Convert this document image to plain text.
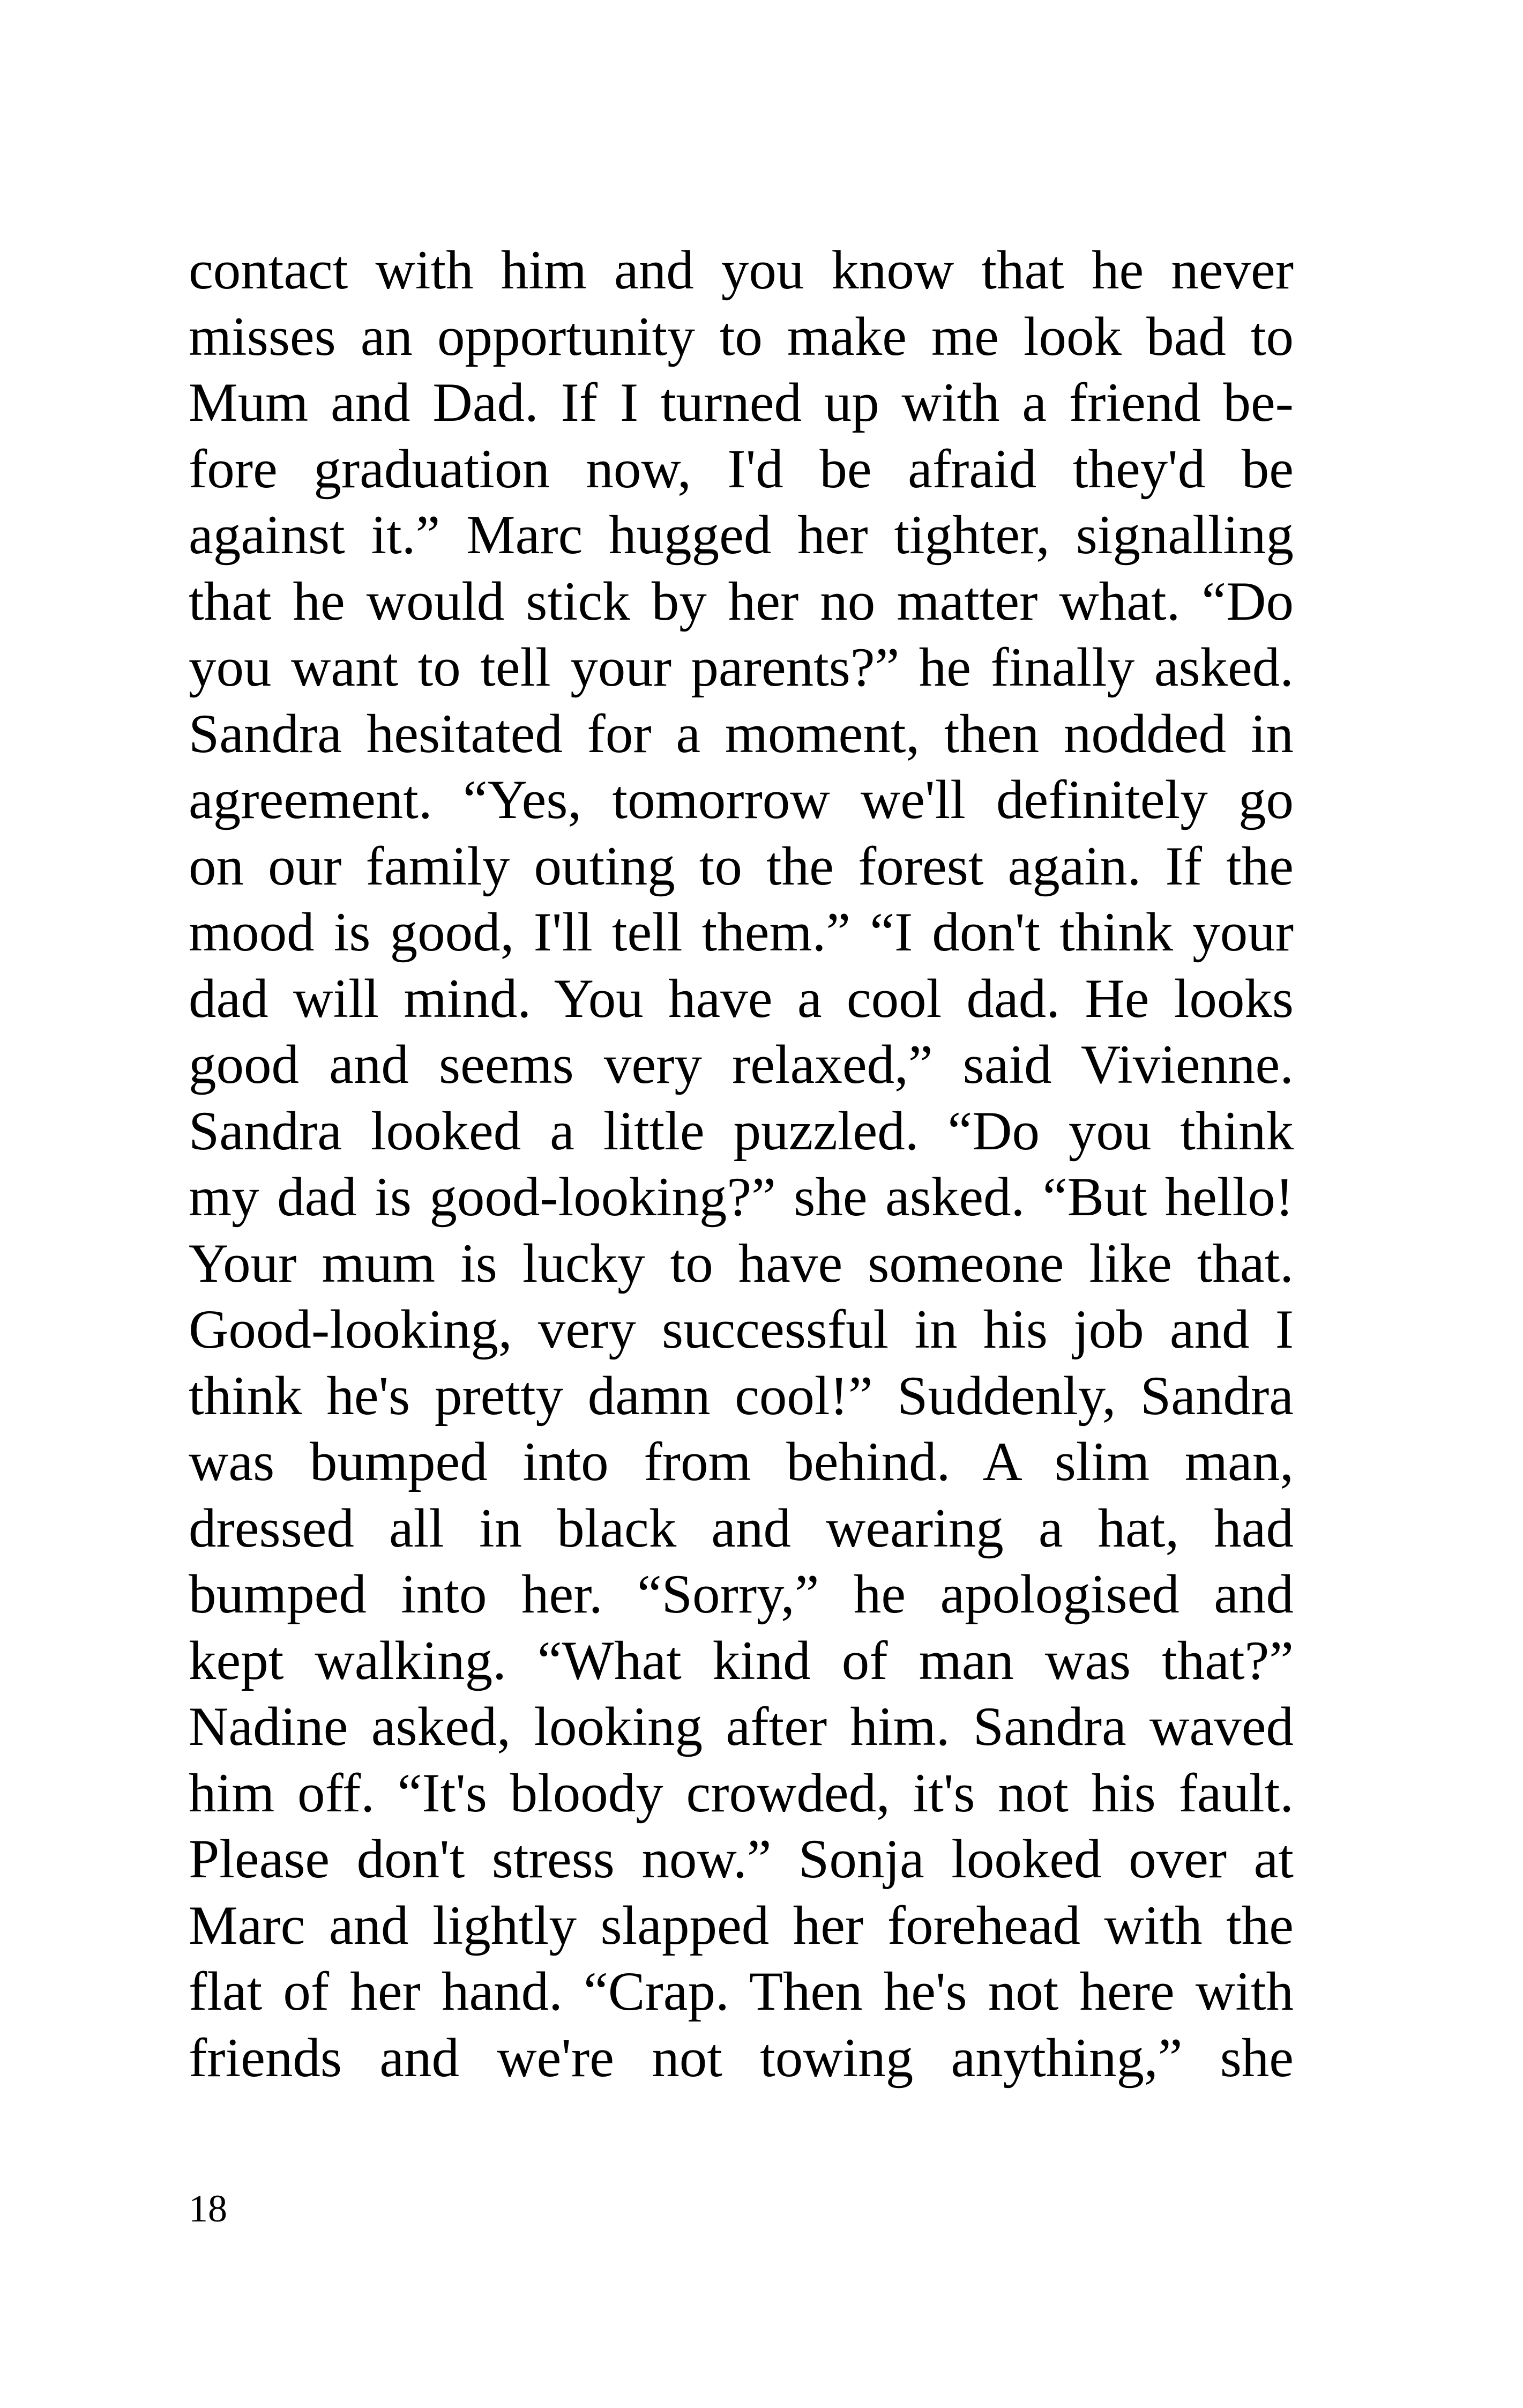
contact with him and you know that he never
misses an opportunity to make me look bad to
Mum and Dad. If I turned up with a friend be-
fore graduation now, I'd be afraid they'd be
against it.” Marc hugged her tighter, signalling
that he would stick by her no matter what. “Do
you want to tell your parents?” he finally asked.
Sandra hesitated for a moment, then nodded in
agreement. “Yes, tomorrow we'll definitely go
on our family outing to the forest again. If the
mood is good, I'll tell them.” “I don't think your
dad will mind. You have a cool dad. He looks
good and seems very relaxed,” said Vivienne.
Sandra looked a little puzzled. “Do you think
my dad is good-looking?” she asked. “But hello!
Your mum is lucky to have someone like that.
Good-looking, very successful in his job and I
think he's pretty damn cool!” Suddenly, Sandra
was bumped into from behind. A slim man,
dressed all in black and wearing a hat, had
bumped into her. “Sorry,” he apologised and
kept walking. “What kind of man was that?”
Nadine asked, looking after him. Sandra waved
him off. “It's bloody crowded, it's not his fault.
Please don't stress now.” Sonja looked over at
Marc and lightly slapped her forehead with the
flat of her hand. “Crap. Then he's not here with
friends and we're not towing anything,” she
18
